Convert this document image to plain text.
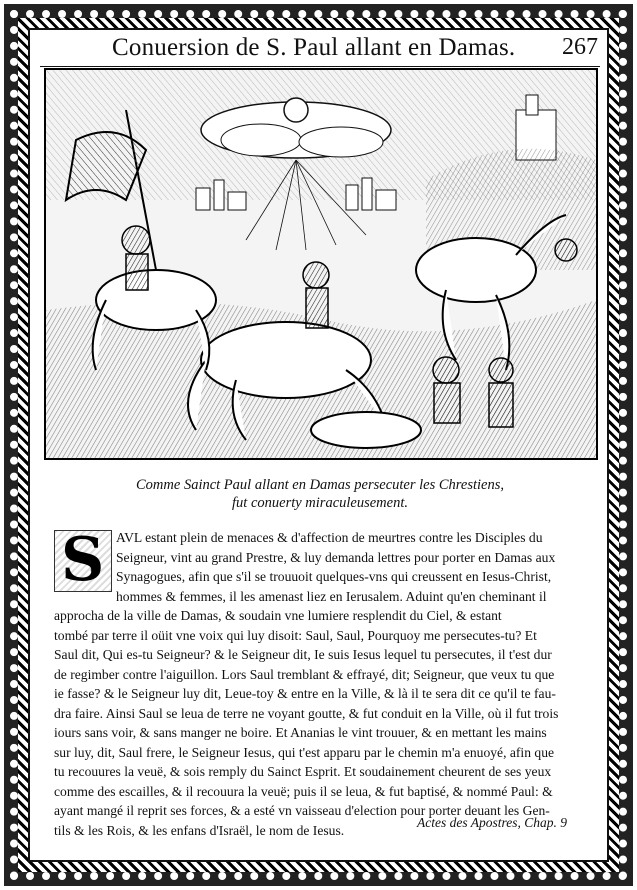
Conuersion de S. Paul allant en Damas. 267
Comme Sainct Paul allant en Damas persecuter les Chrestiens,
fut conuerty miraculeusement.
S AVL estant plein de menaces & d'affection de meurtres contre les Disciples du
Seigneur, vint au grand Prestre, & luy demanda lettres pour porter en Damas aux
Synagogues, afin que s'il se trouuoit quelques-vns qui creussent en Iesus-Christ,
hommes & femmes, il les amenast liez en Ierusalem. Aduint qu'en cheminant il
approcha de la ville de Damas, & soudain vne lumiere resplendit du Ciel, & estant
tombé par terre il oüit vne voix qui luy disoit: Saul, Saul, Pourquoy me persecutes-tu? Et
Saul dit, Qui es-tu Seigneur? & le Seigneur dit, Ie suis Iesus lequel tu persecutes, il t'est dur
de regimber contre l'aiguillon. Lors Saul tremblant & effrayé, dit; Seigneur, que veux tu que
ie fasse? & le Seigneur luy dit, Leue-toy & entre en la Ville, & là il te sera dit ce qu'il te fau-
dra faire. Ainsi Saul se leua de terre ne voyant goutte, & fut conduit en la Ville, où il fut trois
iours sans voir, & sans manger ne boire. Et Ananias le vint trouuer, & en mettant les mains
sur luy, dit, Saul frere, le Seigneur Iesus, qui t'est apparu par le chemin m'a enuoyé, afin que
tu recouures la veuë, & sois remply du Sainct Esprit. Et soudainement cheurent de ses yeux
comme des escailles, & il recouura la veuë; puis il se leua, & fut baptisé, & nommé Paul: &
ayant mangé il reprit ses forces, & a esté vn vaisseau d'election pour porter deuant les Gen-
tils & les Rois, & les enfans d'Israël, le nom de Iesus.	Actes des Apostres, Chap. 9
